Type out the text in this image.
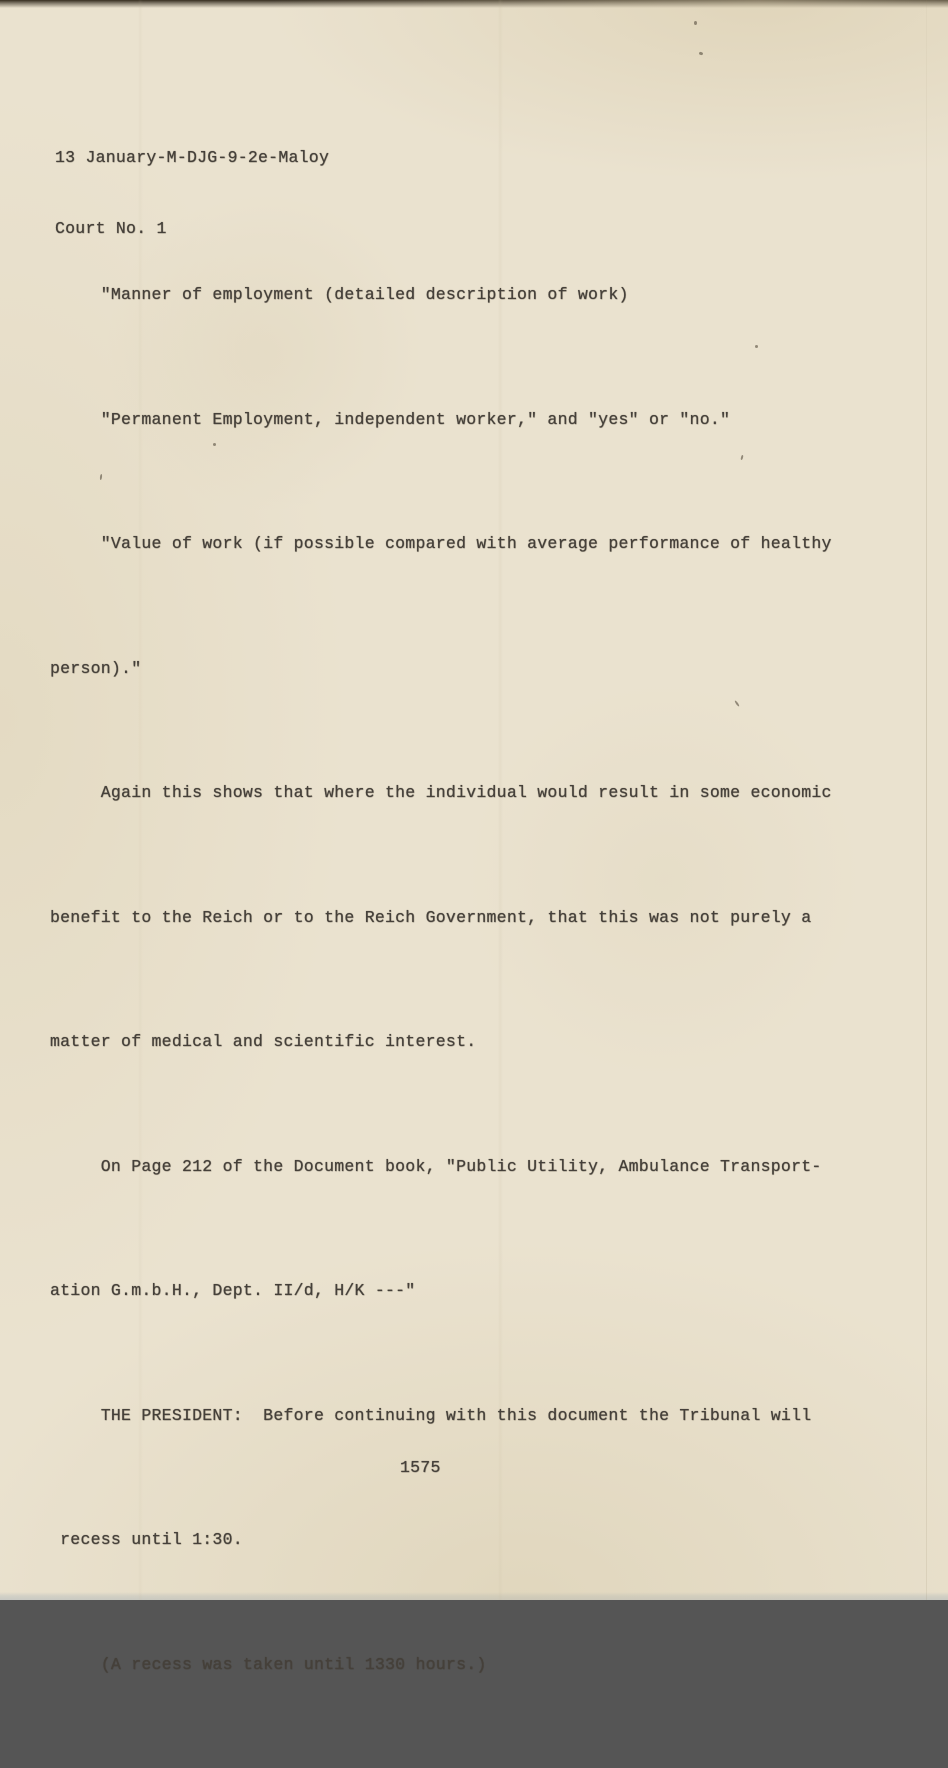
13 January-M-DJG-9-2e-Maloy

Court No. 1

"Manner of employment (detailed description of work)

"Permanent Employment, independent worker," and "yes" or "no."

"Value of work (if possible compared with average performance of healthy

person)."

Again this shows that where the individual would result in some economic

benefit to the Reich or to the Reich Government, that this was not purely a

matter of medical and scientific interest.

On Page 212 of the Document book, "Public Utility, Ambulance Transport-

ation G.m.b.H., Dept. II/d, H/K ---"

THE PRESIDENT:  Before continuing with this document the Tribunal will

recess until 1:30.

(A recess was taken until 1330 hours.)

1575
